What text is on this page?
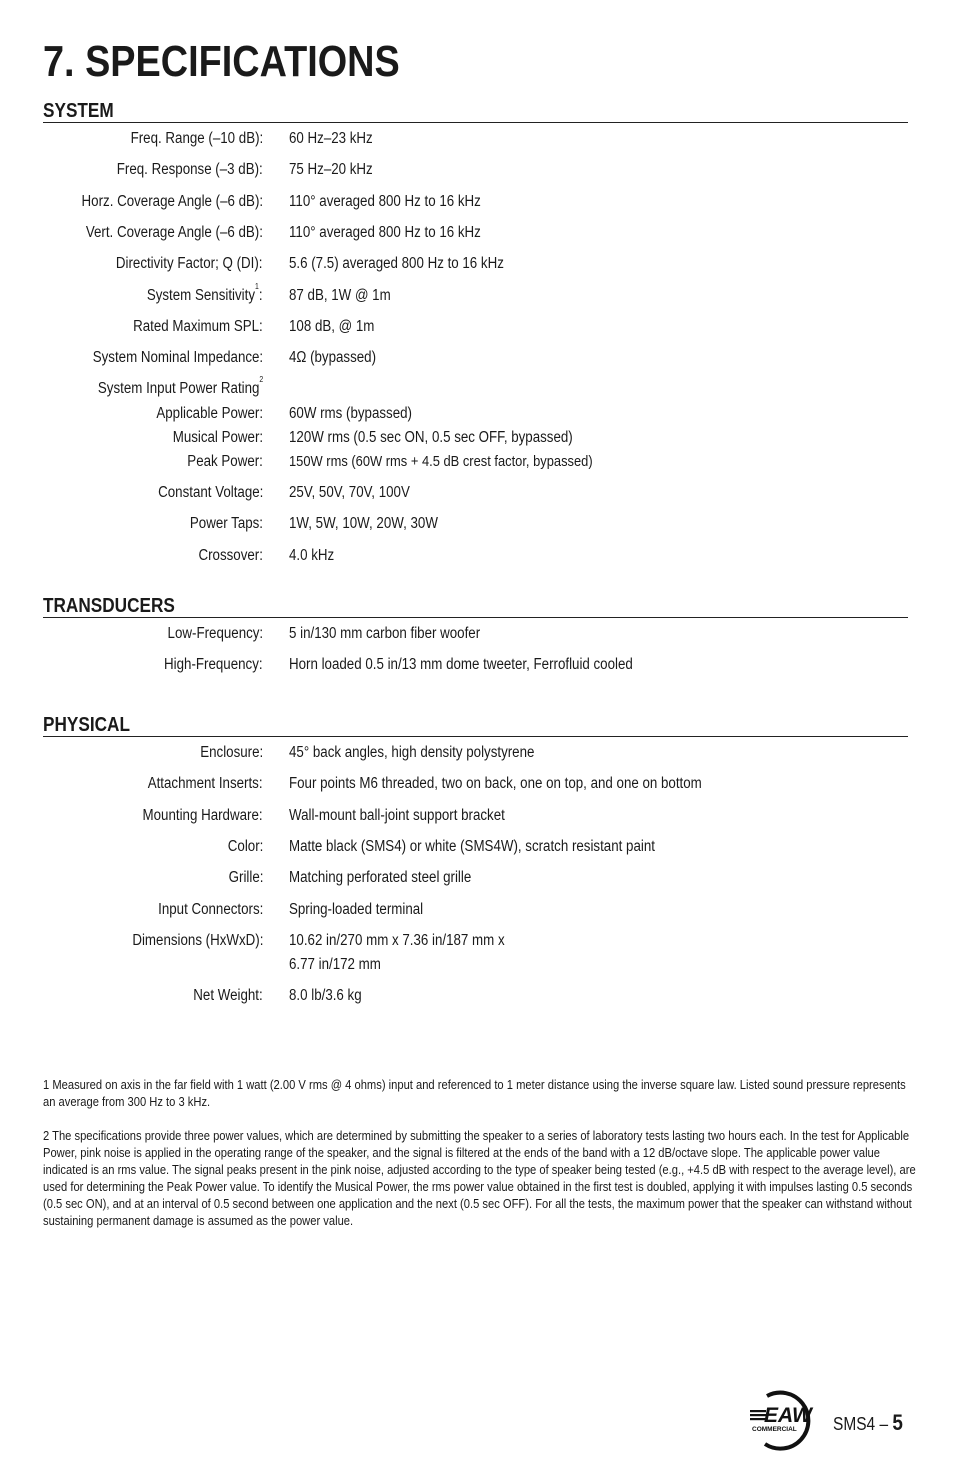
7. SPECIFICATIONS
SYSTEM
Freq. Range (–10 dB): 60 Hz–23 kHz
Freq. Response (–3 dB): 75 Hz–20 kHz
Horz. Coverage Angle (–6 dB): 110° averaged 800 Hz to 16 kHz
Vert. Coverage Angle (–6 dB): 110° averaged 800 Hz to 16 kHz
Directivity Factor; Q (DI): 5.6 (7.5) averaged 800 Hz to 16 kHz
System Sensitivity$^1$: 87 dB, 1W @ 1m
Rated Maximum SPL: 108 dB, @ 1m
System Nominal Impedance: 4Ω (bypassed)
System Input Power Rating$^2$
Applicable Power: 60W rms (bypassed)
Musical Power: 120W rms (0.5 sec ON, 0.5 sec OFF, bypassed)
Peak Power: 150W rms (60W rms + 4.5 dB crest factor, bypassed)
Constant Voltage: 25V, 50V, 70V, 100V
Power Taps: 1W, 5W, 10W, 20W, 30W
Crossover: 4.0 kHz
TRANSDUCERS
Low-Frequency: 5 in/130 mm carbon fiber woofer
High-Frequency: Horn loaded 0.5 in/13 mm dome tweeter, Ferrofluid cooled
PHYSICAL
Enclosure: 45° back angles, high density polystyrene
Attachment Inserts: Four points M6 threaded, two on back, one on top, and one on bottom
Mounting Hardware: Wall-mount ball-joint support bracket
Color: Matte black (SMS4) or white (SMS4W), scratch resistant paint
Grille: Matching perforated steel grille
Input Connectors: Spring-loaded terminal
Dimensions (HxWxD): 10.62 in/270 mm x 7.36 in/187 mm x
6.77 in/172 mm
Net Weight: 8.0 lb/3.6 kg

1 Measured on axis in the far field with 1 watt (2.00 V rms @ 4 ohms) input and referenced to 1 meter distance using the inverse square law. Listed sound pressure represents an average from 300 Hz to 3 kHz.

2 The specifications provide three power values, which are determined by submitting the speaker to a series of laboratory tests lasting two hours each. In the test for Applicable Power, pink noise is applied in the operating range of the speaker, and the signal is filtered at the ends of the band with a 12 dB/octave slope. The applicable power value indicated is an rms value. The signal peaks present in the pink noise, adjusted according to the type of speaker being tested (e.g., +4.5 dB with respect to the average level), are used for determining the Peak Power value. To identify the Musical Power, the rms power value obtained in the first test is doubled, applying it with impulses lasting 0.5 seconds (0.5 sec ON), and at an interval of 0.5 second between one application and the next (0.5 sec OFF). For all the tests, the maximum power that the speaker can withstand without sustaining permanent damage is assumed as the power value.

EAW
COMMERCIAL SMS4 – 5
